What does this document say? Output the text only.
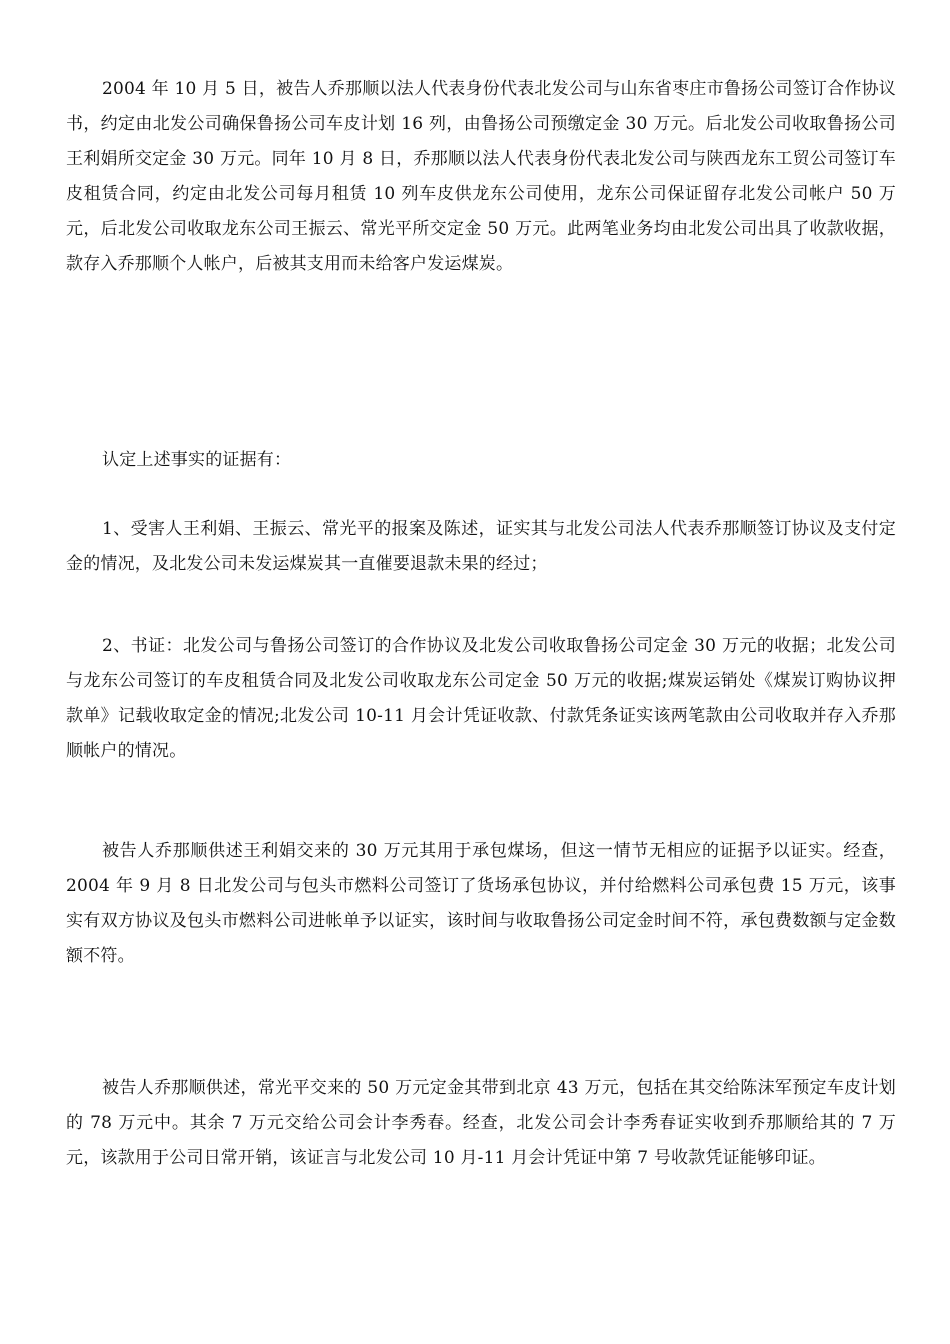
2004 年 10 月 5 日，被告人乔那顺以法人代表身份代表北发公司与山东省枣庄市鲁扬公司签订合作协议书，约定由北发公司确保鲁扬公司车皮计划 16 列，由鲁扬公司预缴定金 30 万元。后北发公司收取鲁扬公司王利娟所交定金 30 万元。同年 10 月 8 日，乔那顺以法人代表身份代表北发公司与陕西龙东工贸公司签订车皮租赁合同，约定由北发公司每月租赁 10 列车皮供龙东公司使用，龙东公司保证留存北发公司帐户 50 万元，后北发公司收取龙东公司王振云、常光平所交定金 50 万元。此两笔业务均由北发公司出具了收款收据，款存入乔那顺个人帐户，后被其支用而未给客户发运煤炭。

认定上述事实的证据有：

1、受害人王利娟、王振云、常光平的报案及陈述，证实其与北发公司法人代表乔那顺签订协议及支付定金的情况，及北发公司未发运煤炭其一直催要退款未果的经过；

2、书证：北发公司与鲁扬公司签订的合作协议及北发公司收取鲁扬公司定金 30 万元的收据；北发公司与龙东公司签订的车皮租赁合同及北发公司收取龙东公司定金 50 万元的收据;煤炭运销处《煤炭订购协议押款单》记载收取定金的情况;北发公司 10-11 月会计凭证收款、付款凭条证实该两笔款由公司收取并存入乔那顺帐户的情况。

被告人乔那顺供述王利娟交来的 30 万元其用于承包煤场，但这一情节无相应的证据予以证实。经查，2004 年 9 月 8 日北发公司与包头市燃料公司签订了货场承包协议，并付给燃料公司承包费 15 万元，该事实有双方协议及包头市燃料公司进帐单予以证实，该时间与收取鲁扬公司定金时间不符，承包费数额与定金数额不符。

被告人乔那顺供述，常光平交来的 50 万元定金其带到北京 43 万元，包括在其交给陈沫军预定车皮计划的 78 万元中。其余 7 万元交给公司会计李秀春。经查，北发公司会计李秀春证实收到乔那顺给其的 7 万元，该款用于公司日常开销，该证言与北发公司 10 月-11 月会计凭证中第 7 号收款凭证能够印证。
